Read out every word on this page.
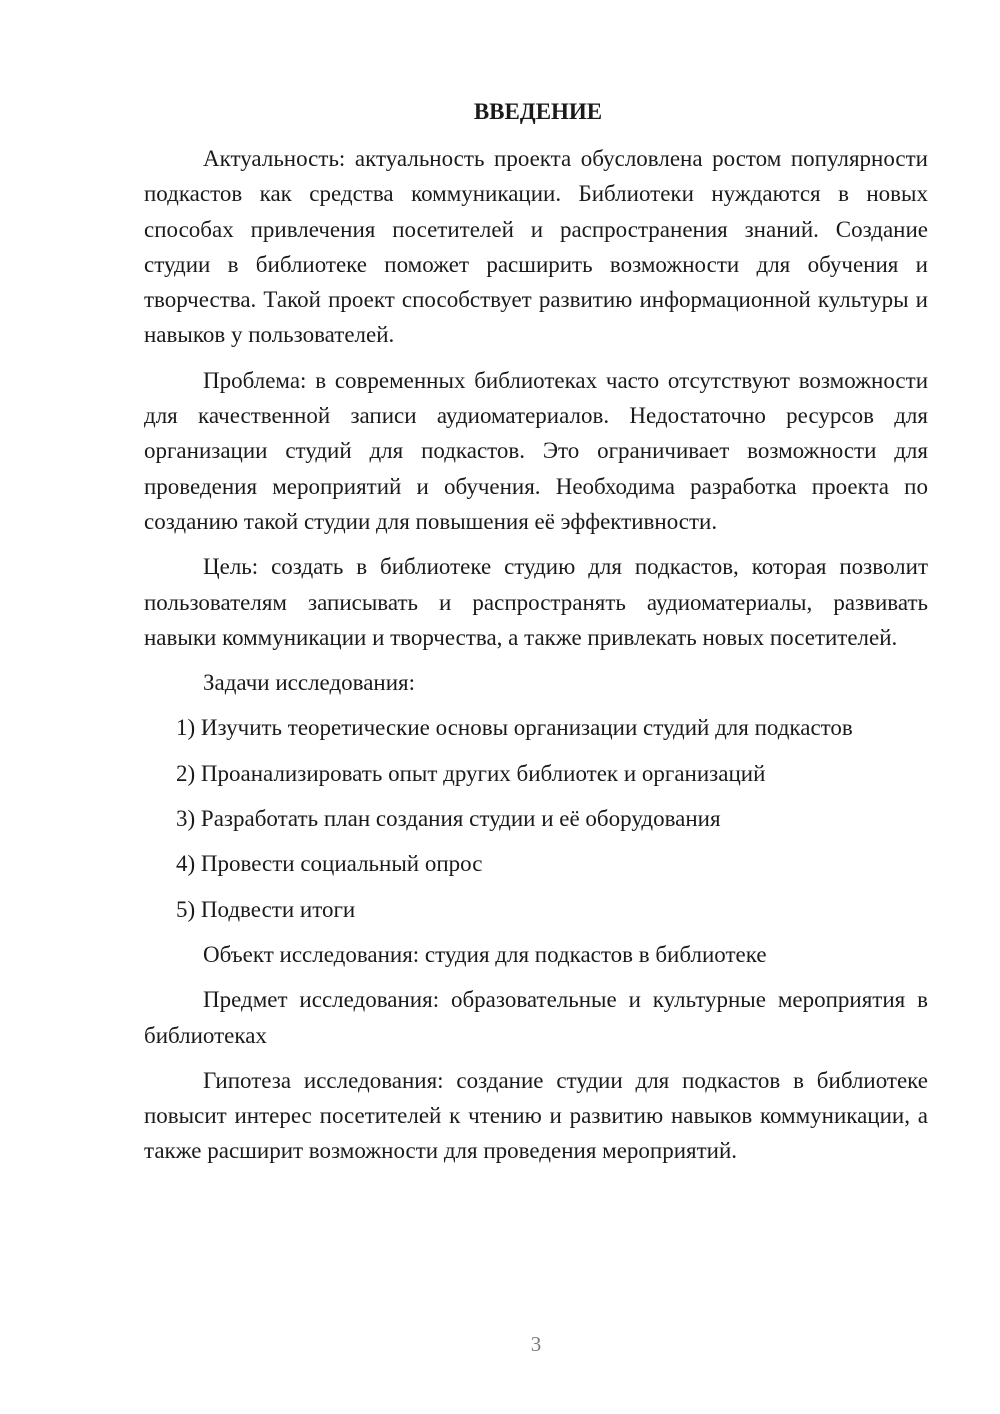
ВВЕДЕНИЕ

Актуальность: актуальность проекта обусловлена ростом популярности подкастов как средства коммуникации. Библиотеки нуждаются в новых способах привлечения посетителей и распространения знаний. Создание студии в библиотеке поможет расширить возможности для обучения и творчества. Такой проект способствует развитию информационной культуры и навыков у пользователей.

Проблема: в современных библиотеках часто отсутствуют возможности для качественной записи аудиоматериалов. Недостаточно ресурсов для организации студий для подкастов. Это ограничивает возможности для проведения мероприятий и обучения. Необходима разработка проекта по созданию такой студии для повышения её эффективности.

Цель: создать в библиотеке студию для подкастов, которая позволит пользователям записывать и распространять аудиоматериалы, развивать навыки коммуникации и творчества, а также привлекать новых посетителей.

Задачи исследования:

1) Изучить теоретические основы организации студий для подкастов
2) Проанализировать опыт других библиотек и организаций
3) Разработать план создания студии и её оборудования
4) Провести социальный опрос
5) Подвести итоги

Объект исследования: студия для подкастов в библиотеке

Предмет исследования: образовательные и культурные мероприятия в библиотеках

Гипотеза исследования: создание студии для подкастов в библиотеке повысит интерес посетителей к чтению и развитию навыков коммуникации, а также расширит возможности для проведения мероприятий.

3
